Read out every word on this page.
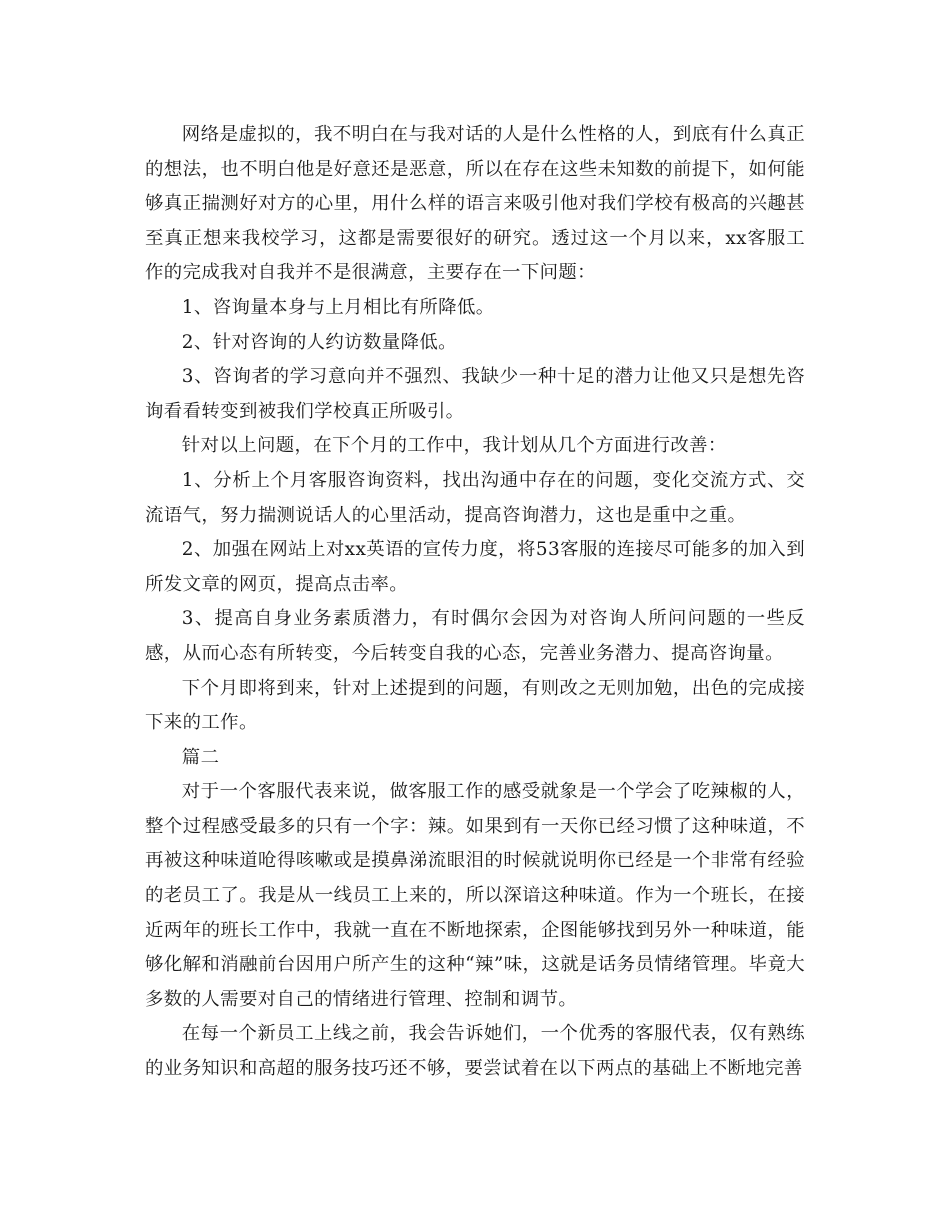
网络是虚拟的，我不明白在与我对话的人是什么性格的人，到底有什么真正的想法，也不明白他是好意还是恶意，所以在存在这些未知数的前提下，如何能够真正揣测好对方的心里，用什么样的语言来吸引他对我们学校有极高的兴趣甚至真正想来我校学习，这都是需要很好的研究。透过这一个月以来，xx客服工作的完成我对自我并不是很满意，主要存在一下问题：

1、咨询量本身与上月相比有所降低。

2、针对咨询的人约访数量降低。

3、咨询者的学习意向并不强烈、我缺少一种十足的潜力让他又只是想先咨询看看转变到被我们学校真正所吸引。

针对以上问题，在下个月的工作中，我计划从几个方面进行改善：

1、分析上个月客服咨询资料，找出沟通中存在的问题，变化交流方式、交流语气，努力揣测说话人的心里活动，提高咨询潜力，这也是重中之重。

2、加强在网站上对xx英语的宣传力度，将53客服的连接尽可能多的加入到所发文章的网页，提高点击率。

3、提高自身业务素质潜力，有时偶尔会因为对咨询人所问问题的一些反感，从而心态有所转变，今后转变自我的心态，完善业务潜力、提高咨询量。

下个月即将到来，针对上述提到的问题，有则改之无则加勉，出色的完成接下来的工作。

篇二

对于一个客服代表来说，做客服工作的感受就象是一个学会了吃辣椒的人，整个过程感受最多的只有一个字：辣。如果到有一天你已经习惯了这种味道，不再被这种味道呛得咳嗽或是摸鼻涕流眼泪的时候就说明你已经是一个非常有经验的老员工了。我是从一线员工上来的，所以深谙这种味道。作为一个班长，在接近两年的班长工作中，我就一直在不断地探索，企图能够找到另外一种味道，能够化解和消融前台因用户所产生的这种“辣”味，这就是话务员情绪管理。毕竟大多数的人需要对自己的情绪进行管理、控制和调节。

在每一个新员工上线之前，我会告诉她们，一个优秀的客服代表，仅有熟练的业务知识和高超的服务技巧还不够，要尝试着在以下两点的基础上不断地完善
